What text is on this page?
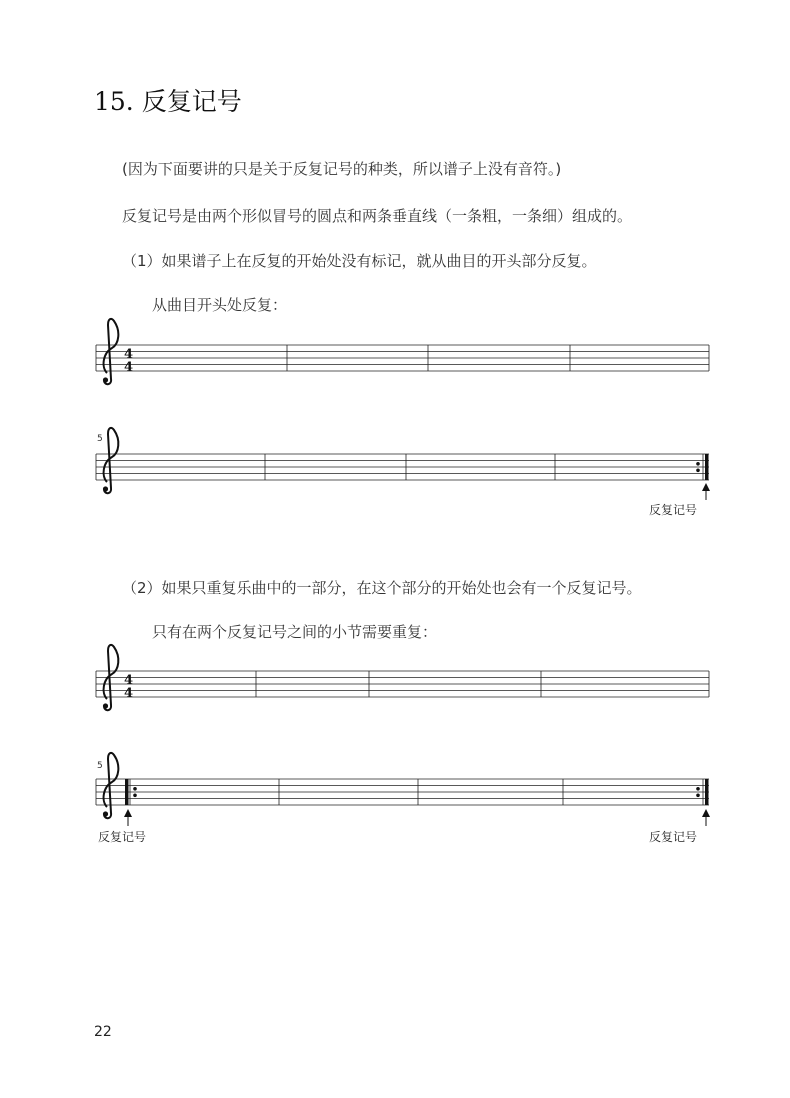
15. 反复记号
(因为下面要讲的只是关于反复记号的种类，所以谱子上没有音符。)
反复记号是由两个形似冒号的圆点和两条垂直线（一条粗，一条细）组成的。
（1）如果谱子上在反复的开始处没有标记，就从曲目的开头部分反复。
从曲目开头处反复：
（2）如果只重复乐曲中的一部分，在这个部分的开始处也会有一个反复记号。
只有在两个反复记号之间的小节需要重复：
4
4
5
反复记号
4
4
5
反复记号	反复记号
22
